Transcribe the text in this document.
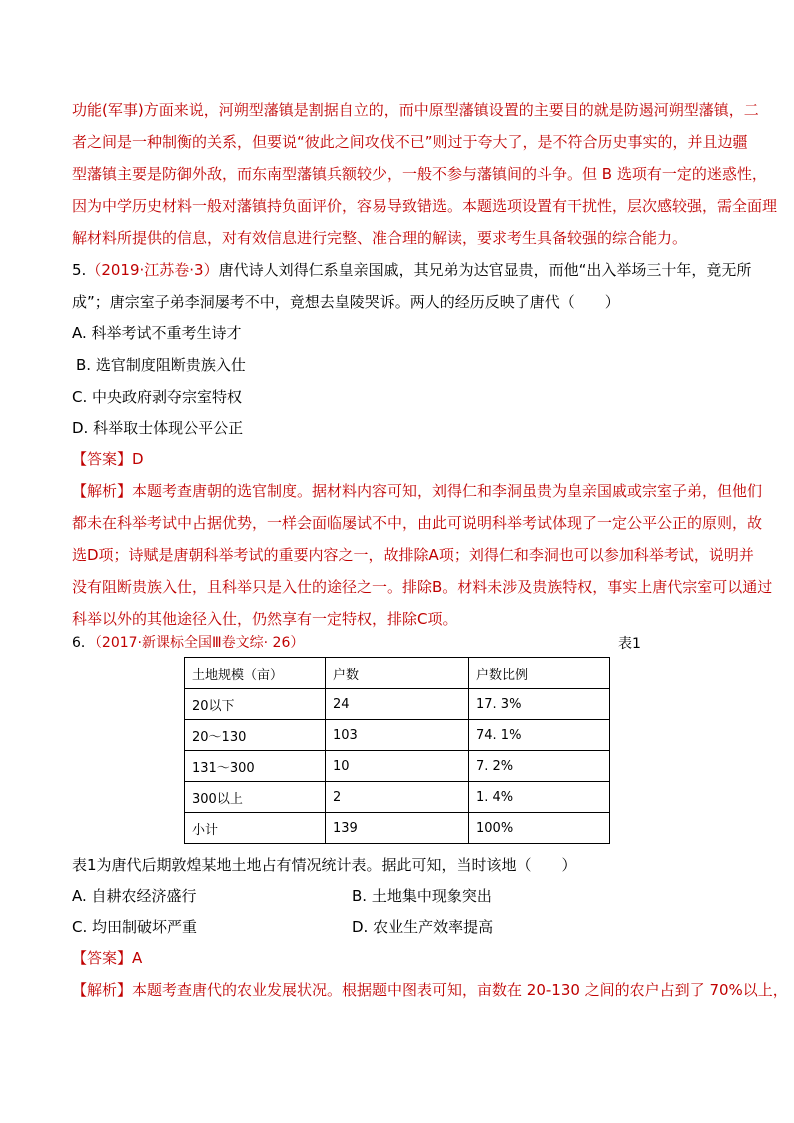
功能(军事)方面来说，河朔型藩镇是割据自立的，而中原型藩镇设置的主要目的就是防遏河朔型藩镇，二
者之间是一种制衡的关系，但要说“彼此之间攻伐不已”则过于夸大了，是不符合历史事实的，并且边疆
型藩镇主要是防御外敌，而东南型藩镇兵额较少，一般不参与藩镇间的斗争。但 B 选项有一定的迷惑性，
因为中学历史材料一般对藩镇持负面评价，容易导致错选。本题选项设置有干扰性，层次感较强，需全面理
解材料所提供的信息，对有效信息进行完整、准合理的解读，要求考生具备较强的综合能力。
5.（2019·江苏卷·3）唐代诗人刘得仁系皇亲国戚，其兄弟为达官显贵，而他“出入举场三十年，竟无所
成”；唐宗室子弟李洞屡考不中，竟想去皇陵哭诉。两人的经历反映了唐代（　　）
A. 科举考试不重考生诗才
B. 选官制度阻断贵族入仕
C. 中央政府剥夺宗室特权
D. 科举取士体现公平公正
【答案】D
【解析】本题考查唐朝的选官制度。据材料内容可知，刘得仁和李洞虽贵为皇亲国戚或宗室子弟，但他们
都未在科举考试中占据优势，一样会面临屡试不中，由此可说明科举考试体现了一定公平公正的原则，故
选D项；诗赋是唐朝科举考试的重要内容之一，故排除A项；刘得仁和李洞也可以参加科举考试，说明并
没有阻断贵族入仕，且科举只是入仕的途径之一。排除B。材料未涉及贵族特权，事实上唐代宗室可以通过
科举以外的其他途径入仕，仍然享有一定特权，排除C项。
6．（2017·新课标全国Ⅲ卷文综· 26）	表1
土地规模（亩）	户数	户数比例
20以下	24	17. 3%
20～130	103	74. 1%
131～300	10	7. 2%
300以上	2	1. 4%
小计	139	100%
表1为唐代后期敦煌某地土地占有情况统计表。据此可知，当时该地（　　）
A. 自耕农经济盛行	B. 土地集中现象突出
C. 均田制破坏严重	D. 农业生产效率提高
【答案】A
【解析】本题考查唐代的农业发展状况。根据题中图表可知，亩数在 20-130 之间的农户占到了 70%以上，
